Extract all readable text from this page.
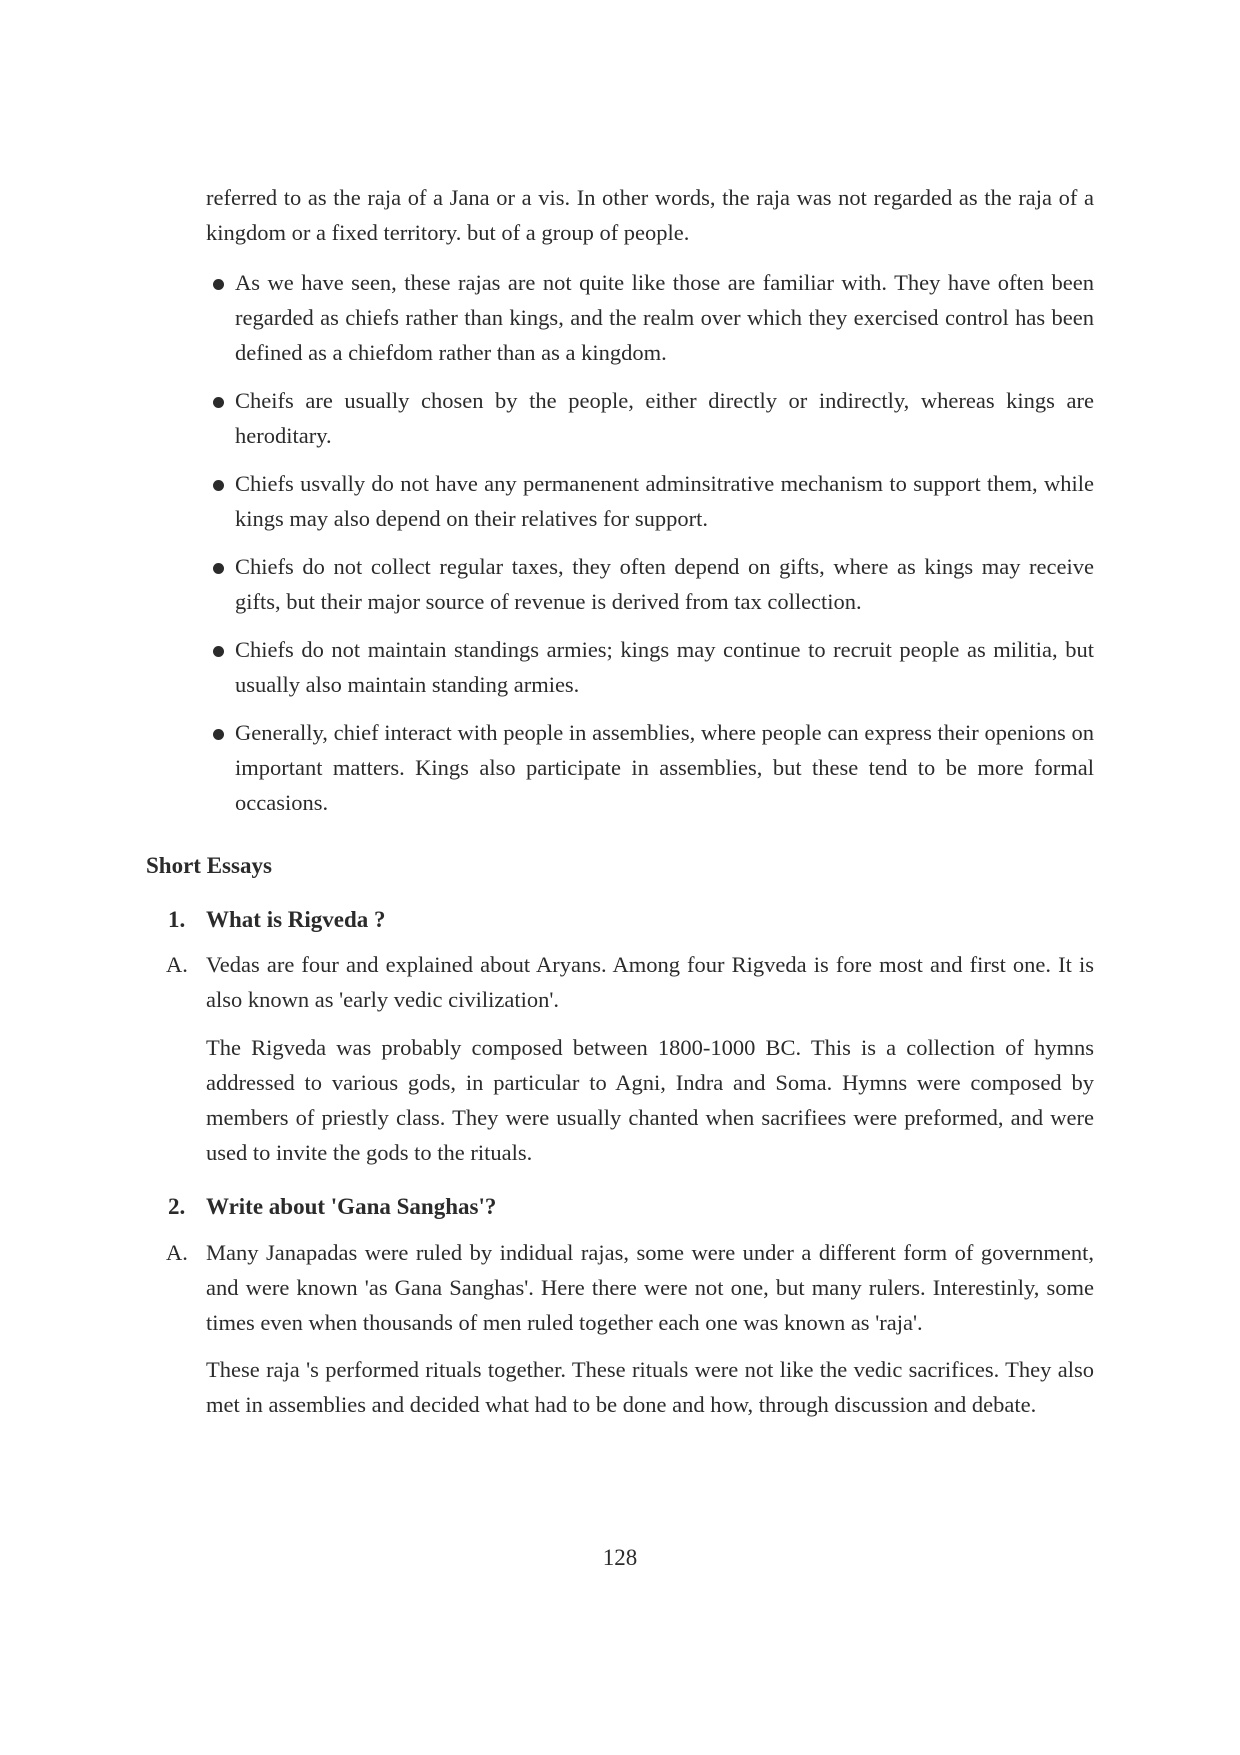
referred to as the raja of a Jana or a vis. In other words, the raja was not regarded as the raja of a kingdom or a fixed territory. but of a group of people.

As we have seen, these rajas are not quite like those are familiar with. They have often been regarded as chiefs rather than kings, and the realm over which they exercised control has been defined as a chiefdom rather than as a kingdom.
Cheifs are usually chosen by the people, either directly or indirectly, whereas kings are heroditary.
Chiefs usvally do not have any permanenent adminsitrative mechanism to support them, while kings may also depend on their relatives for support.
Chiefs do not collect regular taxes, they often depend on gifts, where as kings may receive gifts, but their major source of revenue is derived from tax collection.
Chiefs do not maintain standings armies; kings may continue to recruit people as militia, but usually also maintain standing armies.
Generally, chief interact with people in assemblies, where people can express their openions on important matters. Kings also participate in assemblies, but these tend to be more formal occasions.
Short Essays
1. What is Rigveda ?
A. Vedas are four and explained about Aryans. Among four Rigveda is fore most and first one. It is also known as 'early vedic civilization'.

The Rigveda was probably composed between 1800-1000 BC. This is a collection of hymns addressed to various gods, in particular to Agni, Indra and Soma. Hymns were composed by members of priestly class. They were usually chanted when sacrifiees were preformed, and were used to invite the gods to the rituals.

2. Write about 'Gana Sanghas'?
A. Many Janapadas were ruled by indidual rajas, some were under a different form of government, and were known 'as Gana Sanghas'. Here there were not one, but many rulers. Interestinly, some times even when thousands of men ruled together each one was known as 'raja'.

These raja 's performed rituals together. These rituals were not like the vedic sacrifices. They also met in assemblies and decided what had to be done and how, through discussion and debate.

128
